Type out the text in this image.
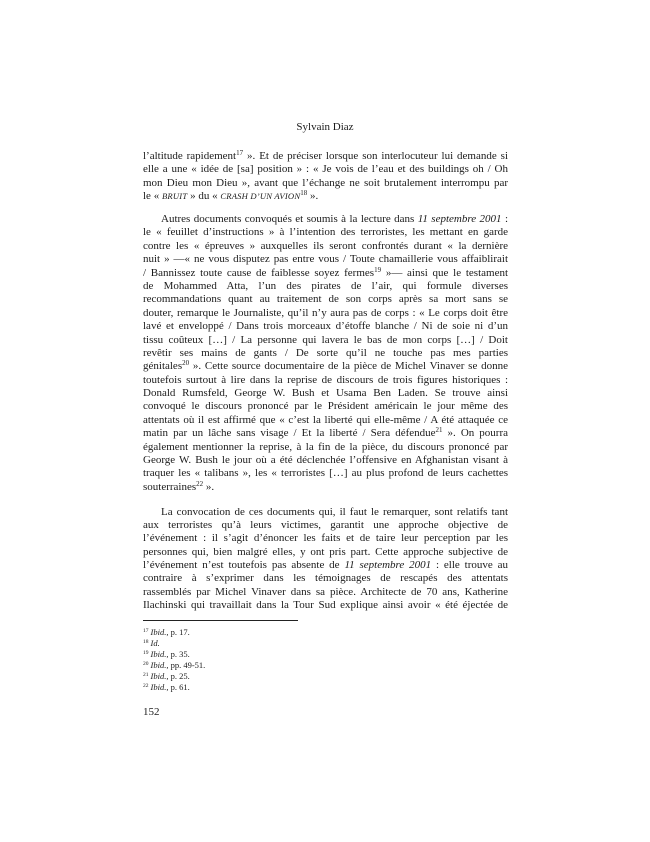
Sylvain Diaz
l’altitude rapidement$^{17}$ ». Et de préciser lorsque son interlocuteur lui demande si
elle a une « idée de [sa] position » : « Je vois de l’eau et des buildings oh / Oh
mon Dieu mon Dieu », avant que l’échange ne soit brutalement interrompu par
le « BRUIT » du « CRASH D’UN AVION$^{18}$ ».
Autres documents convoqués et soumis à la lecture dans 11 septembre 2001 :
le « feuillet d’instructions » à l’intention des terroristes, les mettant en garde
contre les « épreuves » auxquelles ils seront confrontés durant « la dernière
nuit » —« ne vous disputez pas entre vous / Toute chamaillerie vous affaiblirait
/ Bannissez toute cause de faiblesse soyez fermes$^{19}$ »— ainsi que le testament
de Mohammed Atta, l’un des pirates de l’air, qui formule diverses
recommandations quant au traitement de son corps après sa mort sans se
douter, remarque le Journaliste, qu’il n’y aura pas de corps : « Le corps doit être
lavé et enveloppé / Dans trois morceaux d’étoffe blanche / Ni de soie ni d’un
tissu coûteux […] / La personne qui lavera le bas de mon corps […] / Doit
revêtir ses mains de gants / De sorte qu’il ne touche pas mes parties
génitales$^{20}$ ». Cette source documentaire de la pièce de Michel Vinaver se donne
toutefois surtout à lire dans la reprise de discours de trois figures historiques :
Donald Rumsfeld, George W. Bush et Usama Ben Laden. Se trouve ainsi
convoqué le discours prononcé par le Président américain le jour même des
attentats où il est affirmé que « c’est la liberté qui elle-même / A été attaquée ce
matin par un lâche sans visage / Et la liberté / Sera défendue$^{21}$ ». On pourra
également mentionner la reprise, à la fin de la pièce, du discours prononcé par
George W. Bush le jour où a été déclenchée l’offensive en Afghanistan visant à
traquer les « talibans », les « terroristes […] au plus profond de leurs cachettes
souterraines$^{22}$ ».
La convocation de ces documents qui, il faut le remarquer, sont relatifs tant
aux terroristes qu’à leurs victimes, garantit une approche objective de
l’événement : il s’agit d’énoncer les faits et de taire leur perception par les
personnes qui, bien malgré elles, y ont pris part. Cette approche subjective de
l’événement n’est toutefois pas absente de 11 septembre 2001 : elle trouve au
contraire à s’exprimer dans les témoignages de rescapés des attentats
rassemblés par Michel Vinaver dans sa pièce. Architecte de 70 ans, Katherine
Ilachinski qui travaillait dans la Tour Sud explique ainsi avoir « été éjectée de
$^{17}$ Ibid., p. 17.
$^{18}$ Id.
$^{19}$ Ibid., p. 35.
$^{20}$ Ibid., pp. 49-51.
$^{21}$ Ibid., p. 25.
$^{22}$ Ibid., p. 61.
152
